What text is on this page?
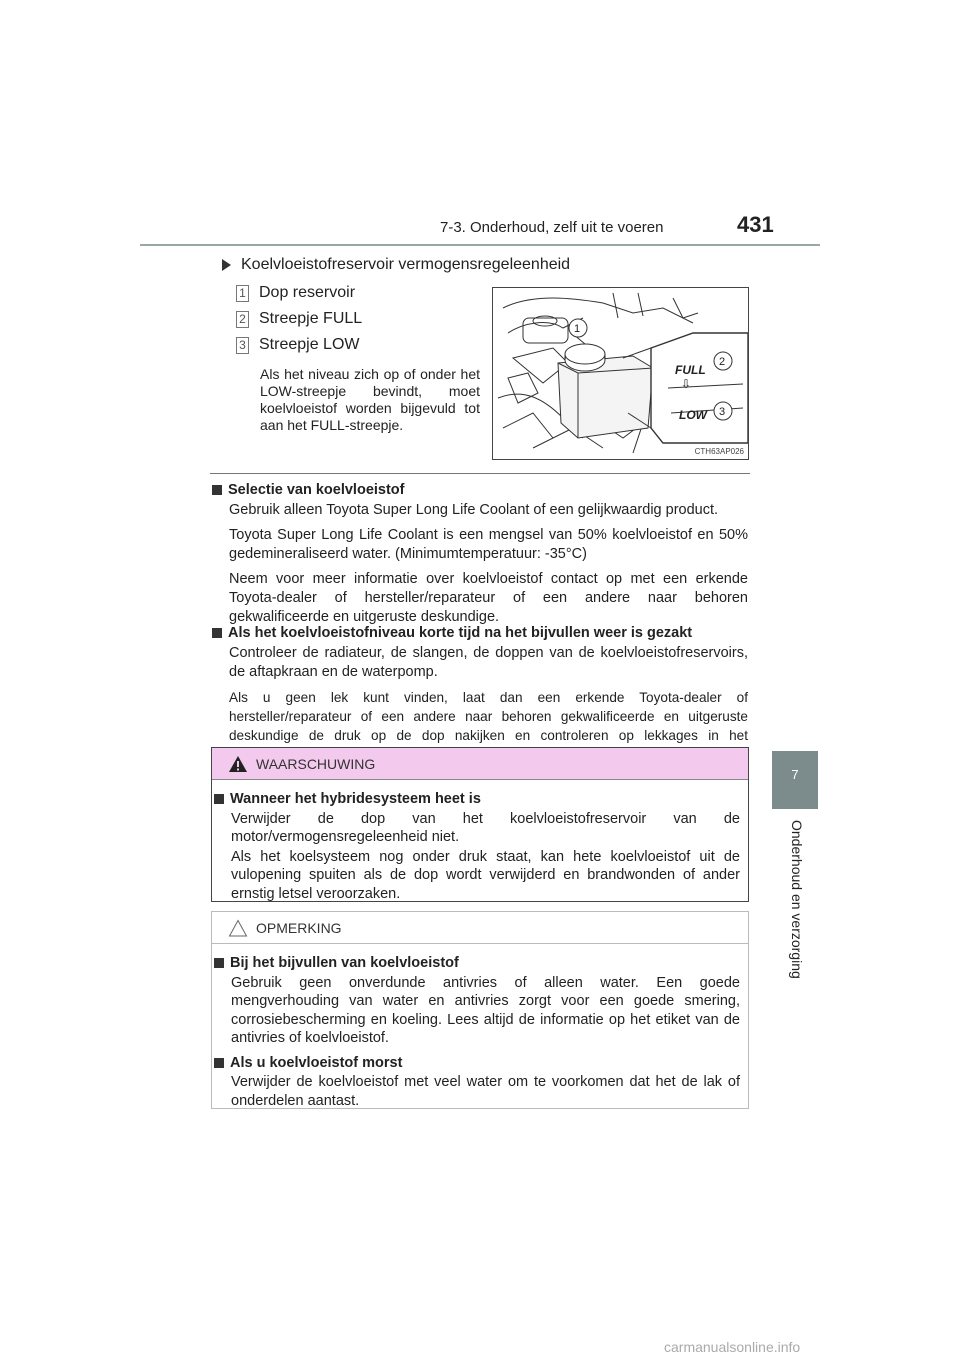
7-3. Onderhoud, zelf uit te voeren	431
7
Onderhoud en verzorging
Koelvloeistofreservoir vermogensregeleenheid
1 Dop reservoir
2 Streepje FULL
3 Streepje LOW
Als het niveau zich op of onder het LOW-streepje bevindt, moet koelvloeistof worden bijgevuld tot aan het FULL-streepje.
FULL
⇩
LOW
1
2
3
CTH63AP026
Selectie van koelvloeistof
Gebruik alleen Toyota Super Long Life Coolant of een gelijkwaardig product.
Toyota Super Long Life Coolant is een mengsel van 50% koelvloeistof en 50% gedemineraliseerd water. (Minimumtemperatuur: -35°C)
Neem voor meer informatie over koelvloeistof contact op met een erkende Toyota-dealer of hersteller/reparateur of een andere naar behoren gekwalificeerde en uitgeruste deskundige.
Als het koelvloeistofniveau korte tijd na het bijvullen weer is gezakt
Controleer de radiateur, de slangen, de doppen van de koelvloeistofreservoirs, de aftapkraan en de waterpomp.
Als u geen lek kunt vinden, laat dan een erkende Toyota-dealer of hersteller/reparateur of een andere naar behoren gekwalificeerde en uitgeruste deskundige de druk op de dop nakijken en controleren op lekkages in het
WAARSCHUWING
Wanneer het hybridesysteem heet is
Verwijder de dop van het koelvloeistofreservoir van de motor/vermogensregeleenheid niet.
Als het koelsysteem nog onder druk staat, kan hete koelvloeistof uit de vulopening spuiten als de dop wordt verwijderd en brandwonden of ander ernstig letsel veroorzaken.
OPMERKING
Bij het bijvullen van koelvloeistof
Gebruik geen onverdunde antivries of alleen water. Een goede mengverhouding van water en antivries zorgt voor een goede smering, corrosiebescherming en koeling. Lees altijd de informatie op het etiket van de antivries of koelvloeistof.
Als u koelvloeistof morst
Verwijder de koelvloeistof met veel water om te voorkomen dat het de lak of onderdelen aantast.
carmanualsonline.info
